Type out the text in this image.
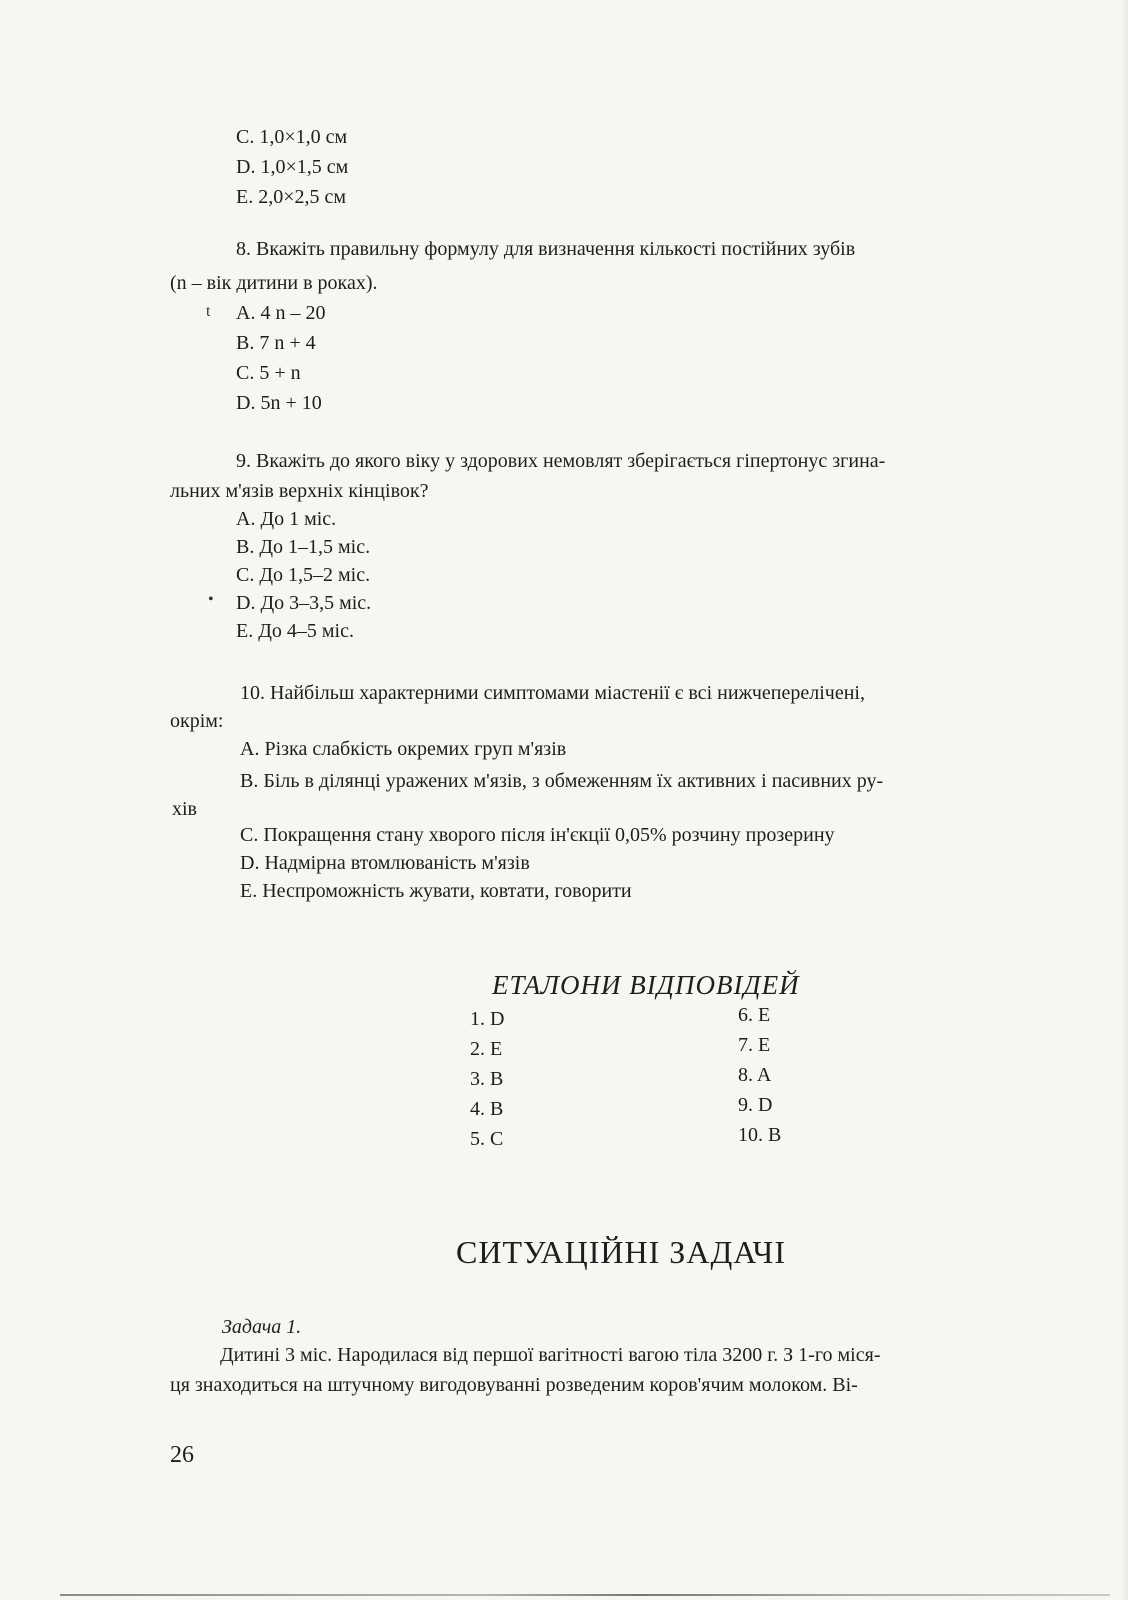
C. 1,0×1,0 см
D. 1,0×1,5 см
E. 2,0×2,5 см
8. Вкажіть правильну формулу для визначення кількості постійних зубів
(n – вік дитини в роках).
t A. 4 n – 20
B. 7 n + 4
C. 5 + n
D. 5n + 10
9. Вкажіть до якого віку у здорових немовлят зберігається гіпертонус згина-
льних м'язів верхніх кінцівок?
A. До 1 міс.
B. До 1–1,5 міс.
C. До 1,5–2 міс.
• D. До 3–3,5 міс.
E. До 4–5 міс.
10. Найбільш характерними симптомами міастенії є всі нижчеперелічені,
окрім:
A. Різка слабкість окремих груп м'язів
B. Біль в ділянці уражених м'язів, з обмеженням їх активних і пасивних ру-
хів
C. Покращення стану хворого після ін'єкції 0,05% розчину прозерину
D. Надмірна втомлюваність м'язів
E. Неспроможність жувати, ковтати, говорити
ЕТАЛОНИ ВІДПОВІДЕЙ
1. D
2. E
3. B
4. B
5. C
6. E
7. E
8. A
9. D
10. B
СИТУАЦІЙНІ ЗАДАЧІ
Задача 1.
Дитині 3 міс. Народилася від першої вагітності вагою тіла 3200 г. З 1-го міся-
ця знаходиться на штучному вигодовуванні розведеним коров'ячим молоком. Ві-
26
